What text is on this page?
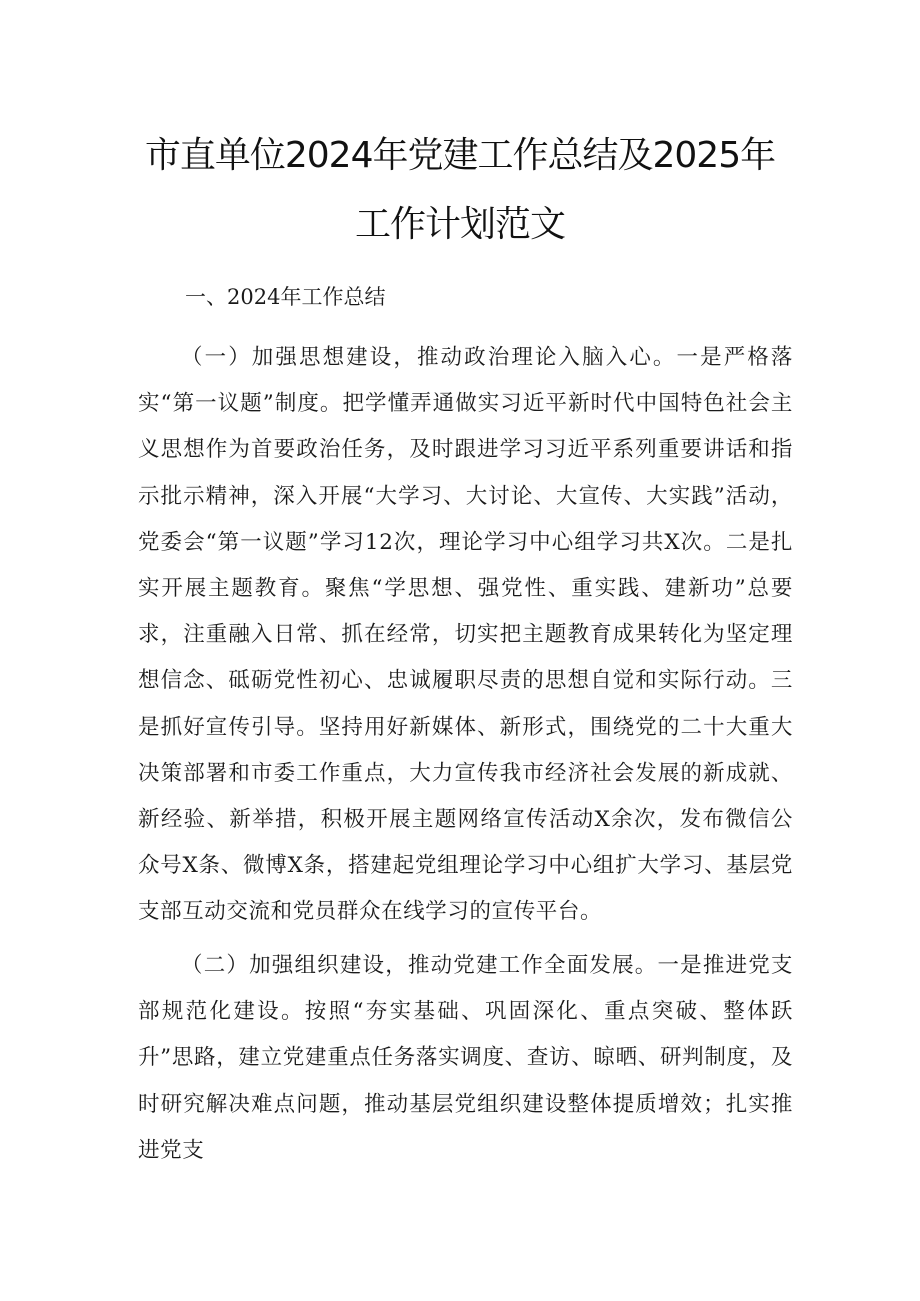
市直单位2024年党建工作总结及2025年
工作计划范文
一、2024年工作总结

（一）加强思想建设，推动政治理论入脑入心。一是严格落实“第一议题”制度。把学懂弄通做实习近平新时代中国特色社会主义思想作为首要政治任务，及时跟进学习习近平系列重要讲话和指示批示精神，深入开展“大学习、大讨论、大宣传、大实践”活动，党委会“第一议题”学习12次，理论学习中心组学习共X次。二是扎实开展主题教育。聚焦“学思想、强党性、重实践、建新功”总要求，注重融入日常、抓在经常，切实把主题教育成果转化为坚定理想信念、砥砺党性初心、忠诚履职尽责的思想自觉和实际行动。三是抓好宣传引导。坚持用好新媒体、新形式，围绕党的二十大重大决策部署和市委工作重点，大力宣传我市经济社会发展的新成就、新经验、新举措，积极开展主题网络宣传活动X余次，发布微信公众号X条、微博X条，搭建起党组理论学习中心组扩大学习、基层党支部互动交流和党员群众在线学习的宣传平台。

（二）加强组织建设，推动党建工作全面发展。一是推进党支部规范化建设。按照“夯实基础、巩固深化、重点突破、整体跃升”思路，建立党建重点任务落实调度、查访、晾晒、研判制度，及时研究解决难点问题，推动基层党组织建设整体提质增效；扎实推进党支
